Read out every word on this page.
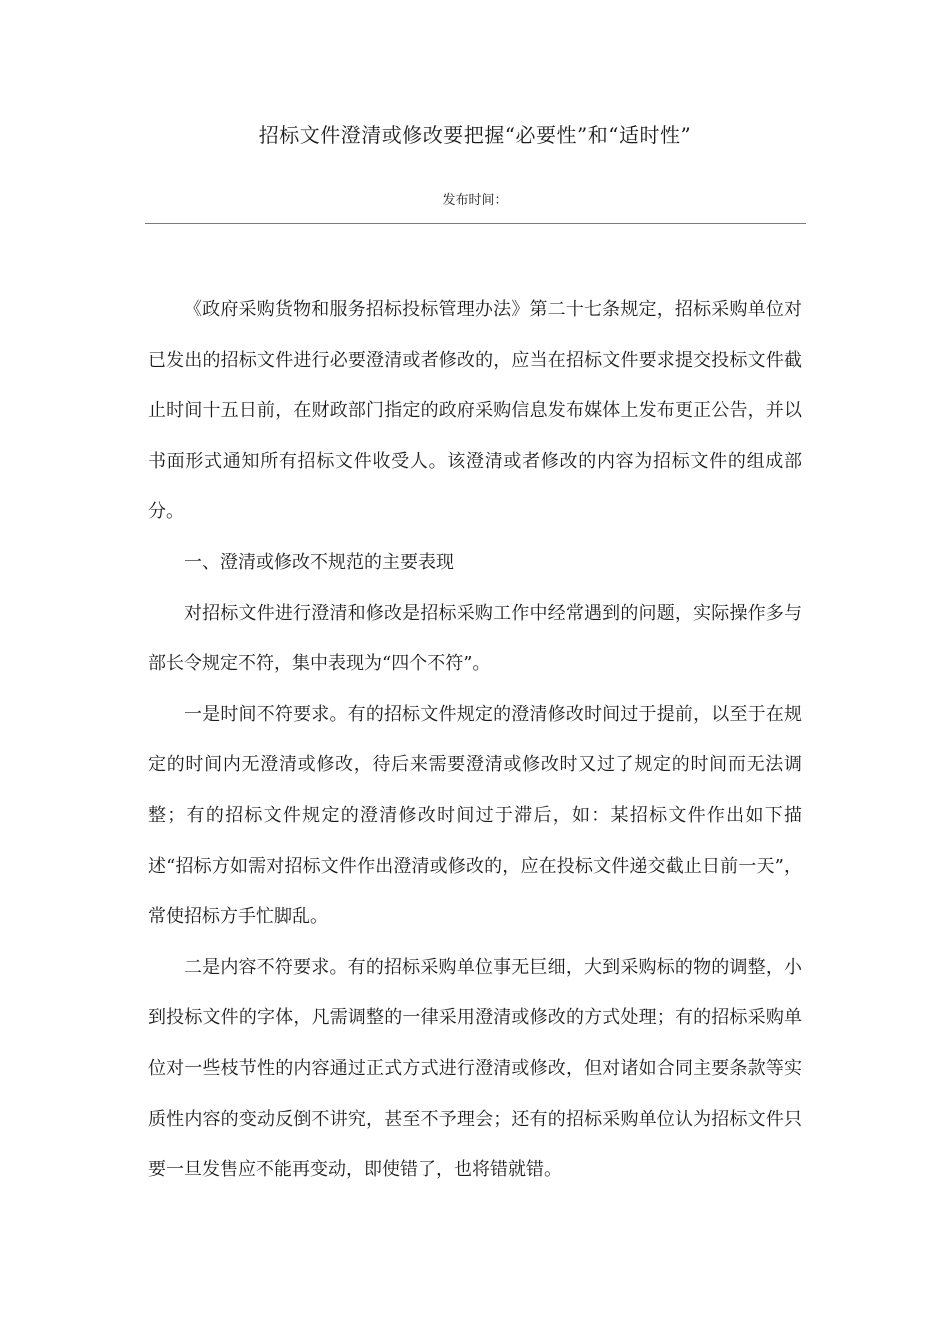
招标文件澄清或修改要把握“必要性”和“适时性”
发布时间：

《政府采购货物和服务招标投标管理办法》第二十七条规定，招标采购单位对已发出的招标文件进行必要澄清或者修改的，应当在招标文件要求提交投标文件截止时间十五日前，在财政部门指定的政府采购信息发布媒体上发布更正公告，并以书面形式通知所有招标文件收受人。该澄清或者修改的内容为招标文件的组成部分。

一、澄清或修改不规范的主要表现

对招标文件进行澄清和修改是招标采购工作中经常遇到的问题，实际操作多与部长令规定不符，集中表现为“四个不符”。

一是时间不符要求。有的招标文件规定的澄清修改时间过于提前，以至于在规定的时间内无澄清或修改，待后来需要澄清或修改时又过了规定的时间而无法调整；有的招标文件规定的澄清修改时间过于滞后，如：某招标文件作出如下描述“招标方如需对招标文件作出澄清或修改的，应在投标文件递交截止日前一天”，常使招标方手忙脚乱。

二是内容不符要求。有的招标采购单位事无巨细，大到采购标的物的调整，小到投标文件的字体，凡需调整的一律采用澄清或修改的方式处理；有的招标采购单位对一些枝节性的内容通过正式方式进行澄清或修改，但对诸如合同主要条款等实质性内容的变动反倒不讲究，甚至不予理会；还有的招标采购单位认为招标文件只要一旦发售应不能再变动，即使错了，也将错就错。
